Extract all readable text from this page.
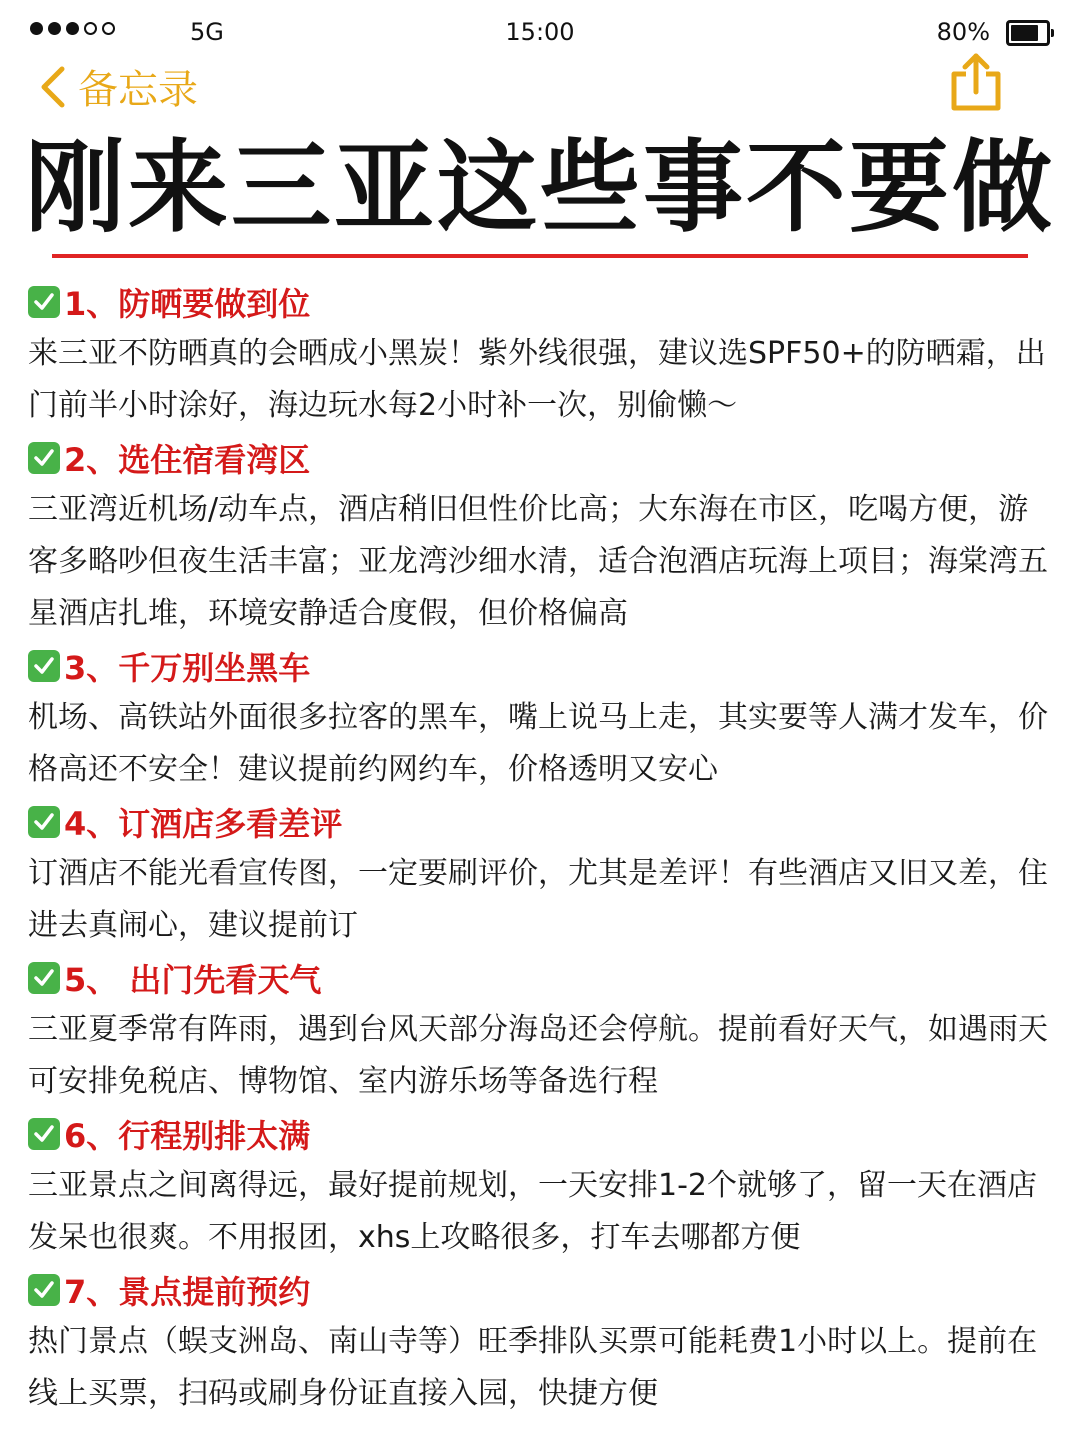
5G	15:00	80%
备忘录
刚来三亚这些事不要做
1、防晒要做到位

来三亚不防晒真的会晒成小黑炭！紫外线很强，建议选SPF50+的防晒霜，出门前半小时涂好，海边玩水每2小时补一次，别偷懒～

2、选住宿看湾区

三亚湾近机场/动车点，酒店稍旧但性价比高；大东海在市区，吃喝方便，游客多略吵但夜生活丰富；亚龙湾沙细水清，适合泡酒店玩海上项目；海棠湾五星酒店扎堆，环境安静适合度假，但价格偏高

3、千万别坐黑车

机场、高铁站外面很多拉客的黑车，嘴上说马上走，其实要等人满才发车，价格高还不安全！建议提前约网约车，价格透明又安心

4、订酒店多看差评

订酒店不能光看宣传图，一定要刷评价，尤其是差评！有些酒店又旧又差，住进去真闹心，建议提前订

5、 出门先看天气

三亚夏季常有阵雨，遇到台风天部分海岛还会停航。提前看好天气，如遇雨天可安排免税店、博物馆、室内游乐场等备选行程

6、行程别排太满

三亚景点之间离得远，最好提前规划，一天安排1-2个就够了，留一天在酒店发呆也很爽。不用报团，xhs上攻略很多，打车去哪都方便

7、景点提前预约

热门景点（蜈支洲岛、南山寺等）旺季排队买票可能耗费1小时以上。提前在线上买票，扫码或刷身份证直接入园，快捷方便
